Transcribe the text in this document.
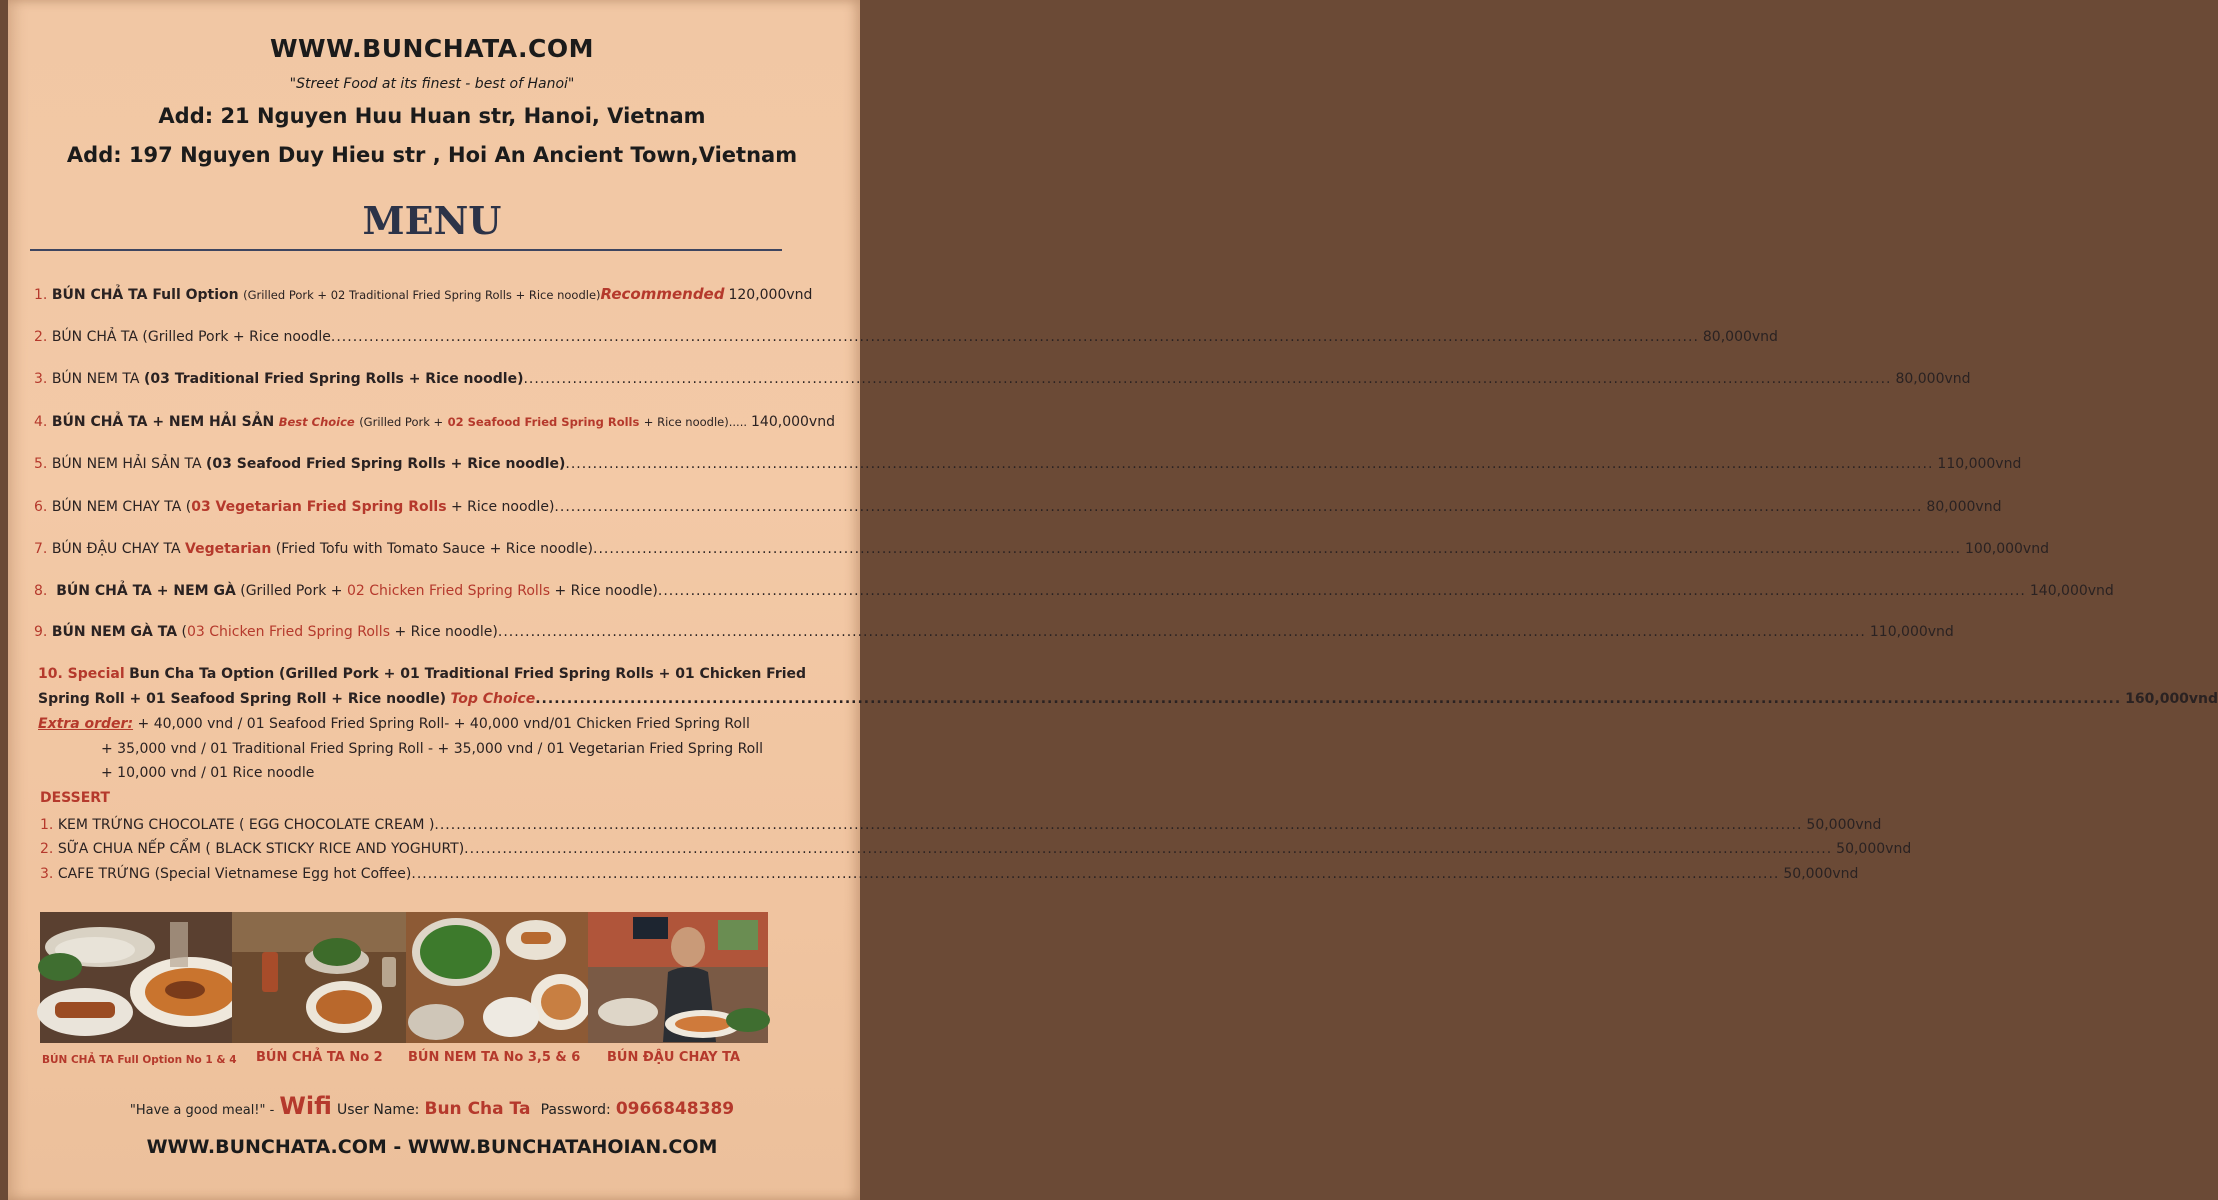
WWW.BUNCHATA.COM
"Street Food at its finest - best of Hanoi"
Add: 21 Nguyen Huu Huan str, Hanoi, Vietnam
Add: 197 Nguyen Duy Hieu str , Hoi An Ancient Town,Vietnam
MENU
1. BÚN CHẢ TA Full Option (Grilled Pork + 02 Traditional Fried Spring Rolls + Rice noodle)Recommended 120,000vnd
2. BÚN CHẢ TA (Grilled Pork + Rice noodle .....	80,000vnd
3. BÚN NEM TA (03 Traditional Fried Spring Rolls + Rice noodle) .....	80,000vnd
4. BÚN CHẢ TA + NEM HẢI SẢN Best Choice (Grilled Pork + 02 Seafood Fried Spring Rolls + Rice noodle)..... 140,000vnd
5. BÚN NEM HẢI SẢN TA (03 Seafood Fried Spring Rolls + Rice noodle) .....	110,000vnd
6. BÚN NEM CHAY TA (03 Vegetarian Fried Spring Rolls + Rice noodle) .....	80,000vnd
7. BÚN ĐẬU CHAY TA Vegetarian (Fried Tofu with Tomato Sauce + Rice noodle) .....	100,000vnd
8. BÚN CHẢ TA + NEM GÀ (Grilled Pork + 02 Chicken Fried Spring Rolls + Rice noodle) .....	140,000vnd
9. BÚN NEM GÀ TA (03 Chicken Fried Spring Rolls + Rice noodle) .....	110,000vnd
10. Special Bun Cha Ta Option (Grilled Pork + 01 Traditional Fried Spring Rolls + 01 Chicken Fried
Spring Roll + 01 Seafood Spring Roll + Rice noodle) Top Choice .....	160,000vnd
Extra order: + 40,000 vnd / 01 Seafood Fried Spring Roll- + 40,000 vnd/01 Chicken Fried Spring Roll
+ 35,000 vnd / 01 Traditional Fried Spring Roll - + 35,000 vnd / 01 Vegetarian Fried Spring Roll
+ 10,000 vnd / 01 Rice noodle
DESSERT
1. KEM TRỨNG CHOCOLATE ( EGG CHOCOLATE CREAM ) .....	50,000vnd
2. SỮA CHUA NẾP CẨM ( BLACK STICKY RICE AND YOGHURT) .....	50,000vnd
3. CAFE TRỨNG (Special Vietnamese Egg hot Coffee) .....	50,000vnd
BÚN CHẢ TA Full Option No 1 & 4 BÚN CHẢ TA No 2 BÚN NEM TA No 3,5 & 6 BÚN ĐẬU CHAY TA
"Have a good meal!" - Wifi User Name: Bun Cha Ta Password: 0966848389
WWW.BUNCHATA.COM - WWW.BUNCHATAHOIAN.COM
